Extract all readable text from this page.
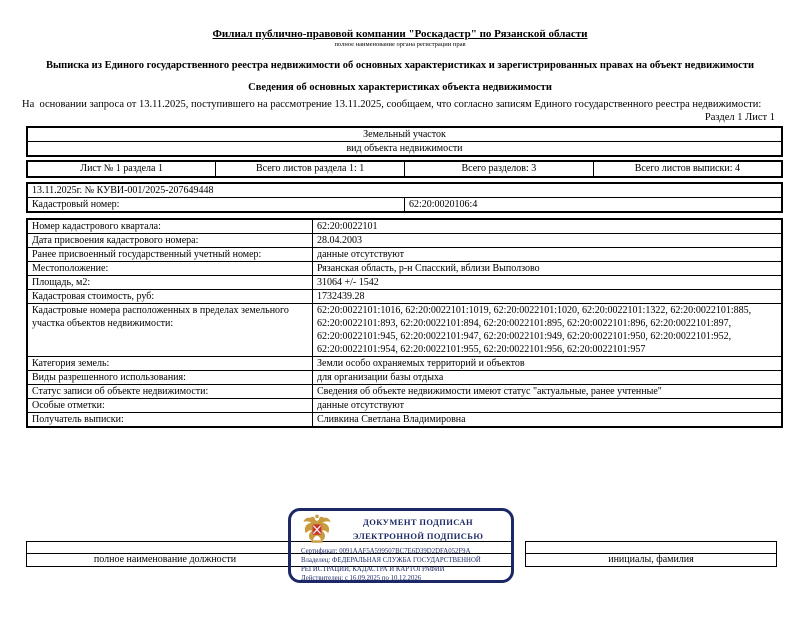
Филиал публично-правовой компании "Роскадастр" по Рязанской области
полное наименование органа регистрации прав
Выписка из Единого государственного реестра недвижимости об основных характеристиках и зарегистрированных правах на объект недвижимости
Сведения об основных характеристиках объекта недвижимости
На  основании запроса от 13.11.2025, поступившего на рассмотрение 13.11.2025, сообщаем, что согласно записям Единого государственного реестра недвижимости:
Раздел 1 Лист 1
Земельный участок
вид объекта недвижимости
Лист № 1 раздела 1	Всего листов раздела 1: 1	Всего разделов: 3	Всего листов выписки: 4
13.11.2025г. № КУВИ-001/2025-207649448
Кадастровый номер:	62:20:0020106:4
Номер кадастрового квартала:	62:20:0022101
Дата присвоения кадастрового номера:	28.04.2003
Ранее присвоенный государственный учетный номер:	данные отсутствуют
Местоположение:	Рязанская область, р-н Спасский, вблизи Выползово
Площадь, м2:	31064 +/- 1542
Кадастровая стоимость, руб:	1732439.28
Кадастровые номера расположенных в пределах земельного участка объектов недвижимости:	62:20:0022101:1016, 62:20:0022101:1019, 62:20:0022101:1020, 62:20:0022101:1322, 62:20:0022101:885, 62:20:0022101:893, 62:20:0022101:894, 62:20:0022101:895, 62:20:0022101:896, 62:20:0022101:897, 62:20:0022101:945, 62:20:0022101:947, 62:20:0022101:949, 62:20:0022101:950, 62:20:0022101:952, 62:20:0022101:954, 62:20:0022101:955, 62:20:0022101:956, 62:20:0022101:957
Категория земель:	Земли особо охраняемых территорий и объектов
Виды разрешенного использования:	для организации базы отдыха
Статус записи об объекте недвижимости:	Сведения об объекте недвижимости имеют статус "актуальные, ранее учтенные"
Особые отметки:	данные отсутствуют
Получатель выписки:	Сливкина Светлана Владимировна
полное наименование должности	инициалы, фамилия
ДОКУМЕНТ ПОДПИСАН
ЭЛЕКТРОННОЙ ПОДПИСЬЮ
Сертификат: 0091AAF5A599507BC7E6D39D2DFA052F9A
Владелец: ФЕДЕРАЛЬНАЯ СЛУЖБА ГОСУДАРСТВЕННОЙ
РЕГИСТРАЦИИ, КАДАСТРА И КАРТОГРАФИИ
Действителен: с 16.09.2025 по 10.12.2026
